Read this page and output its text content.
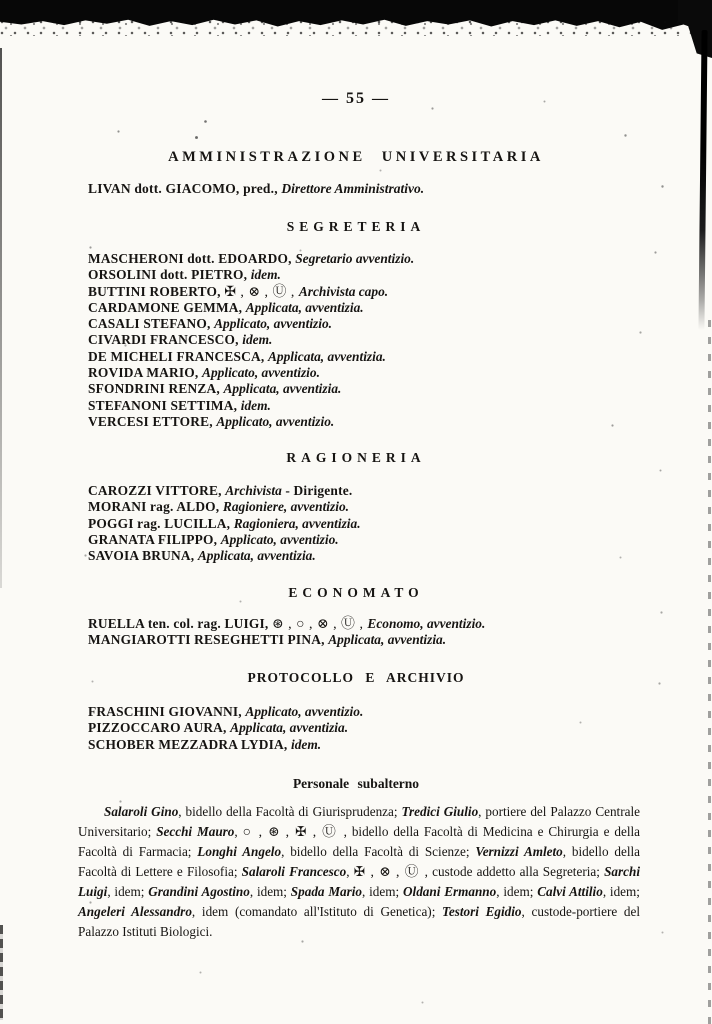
— 55 —
AMMINISTRAZIONE UNIVERSITARIA
LIVAN dott. GIACOMO, pred., Direttore Amministrativo.
SEGRETERIA
MASCHERONI dott. EDOARDO, Segretario avventizio.
ORSOLINI dott. PIETRO, idem.
BUTTINI ROBERTO, ✠ , ⊗ , Ⓤ , Archivista capo.
CARDAMONE GEMMA, Applicata, avventizia.
CASALI STEFANO, Applicato, avventizio.
CIVARDI FRANCESCO, idem.
DE MICHELI FRANCESCA, Applicata, avventizia.
ROVIDA MARIO, Applicato, avventizio.
SFONDRINI RENZA, Applicata, avventizia.
STEFANONI SETTIMA, idem.
VERCESI ETTORE, Applicato, avventizio.
RAGIONERIA
CAROZZI VITTORE, Archivista - Dirigente.
MORANI rag. ALDO, Ragioniere, avventizio.
POGGI rag. LUCILLA, Ragioniera, avventizia.
GRANATA FILIPPO, Applicato, avventizio.
SAVOIA BRUNA, Applicata, avventizia.
ECONOMATO
RUELLA ten. col. rag. LUIGI, ⊛ , ○ , ⊗ , Ⓤ , Economo, avventizio.
MANGIAROTTI RESEGHETTI PINA, Applicata, avventizia.
PROTOCOLLO E ARCHIVIO
FRASCHINI GIOVANNI, Applicato, avventizio.
PIZZOCCARO AURA, Applicata, avventizia.
SCHOBER MEZZADRA LYDIA, idem.
Personale subalterno
Salaroli Gino, bidello della Facoltà di Giurisprudenza; Tredici Giulio, portiere del Palazzo Centrale Universitario; Secchi Mauro, ○ , ⊛ , ✠ , Ⓤ , bidello della Facoltà di Medicina e Chirurgia e della Facoltà di Farmacia; Longhi Angelo, bidello della Facoltà di Scienze; Vernizzi Amleto, bidello della Facoltà di Lettere e Filosofia; Salaroli Francesco, ✠ , ⊗ , Ⓤ , custode addetto alla Segreteria; Sarchi Luigi, idem; Grandini Agostino, idem; Spada Mario, idem; Oldani Ermanno, idem; Calvi Attilio, idem; Angeleri Alessandro, idem (comandato all'Istituto di Genetica); Testori Egidio, custode-portiere del Palazzo Istituti Biologici.
